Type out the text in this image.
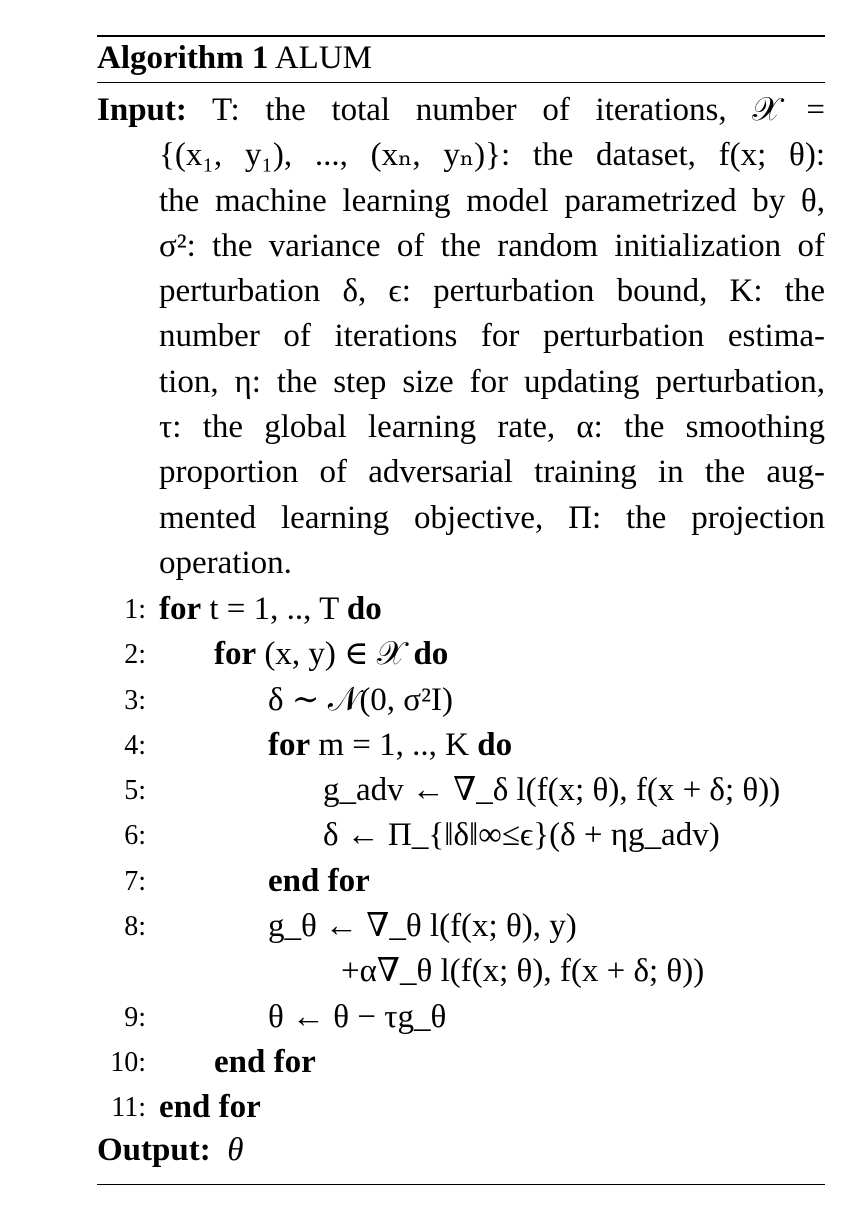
Algorithm 1 ALUM
Input: T: the total number of iterations, 𝒳 =
{(x₁, y₁), ..., (xₙ, yₙ)}: the dataset, f(x; θ):
the machine learning model parametrized by θ,
σ²: the variance of the random initialization of
perturbation δ, ϵ: perturbation bound, K: the
number of iterations for perturbation estima-
tion, η: the step size for updating perturbation,
τ: the global learning rate, α: the smoothing
proportion of adversarial training in the aug-
mented learning objective, Π: the projection
operation.
1: for t = 1, .., T do
2: for (x, y) ∈ 𝒳 do
3:	δ ∼ 𝒩(0, σ²I)
4:	for m = 1, .., K do
5:	g_adv ← ∇_δ l(f(x; θ), f(x + δ; θ))
6:	δ ← Π_{‖δ‖∞≤ϵ}(δ + ηg_adv)
7:	end for
8:	g_θ ← ∇_θ l(f(x; θ), y)
+α∇_θ l(f(x; θ), f(x + δ; θ))
9:	θ ← θ − τg_θ
10: end for
11: end for
Output: θ
